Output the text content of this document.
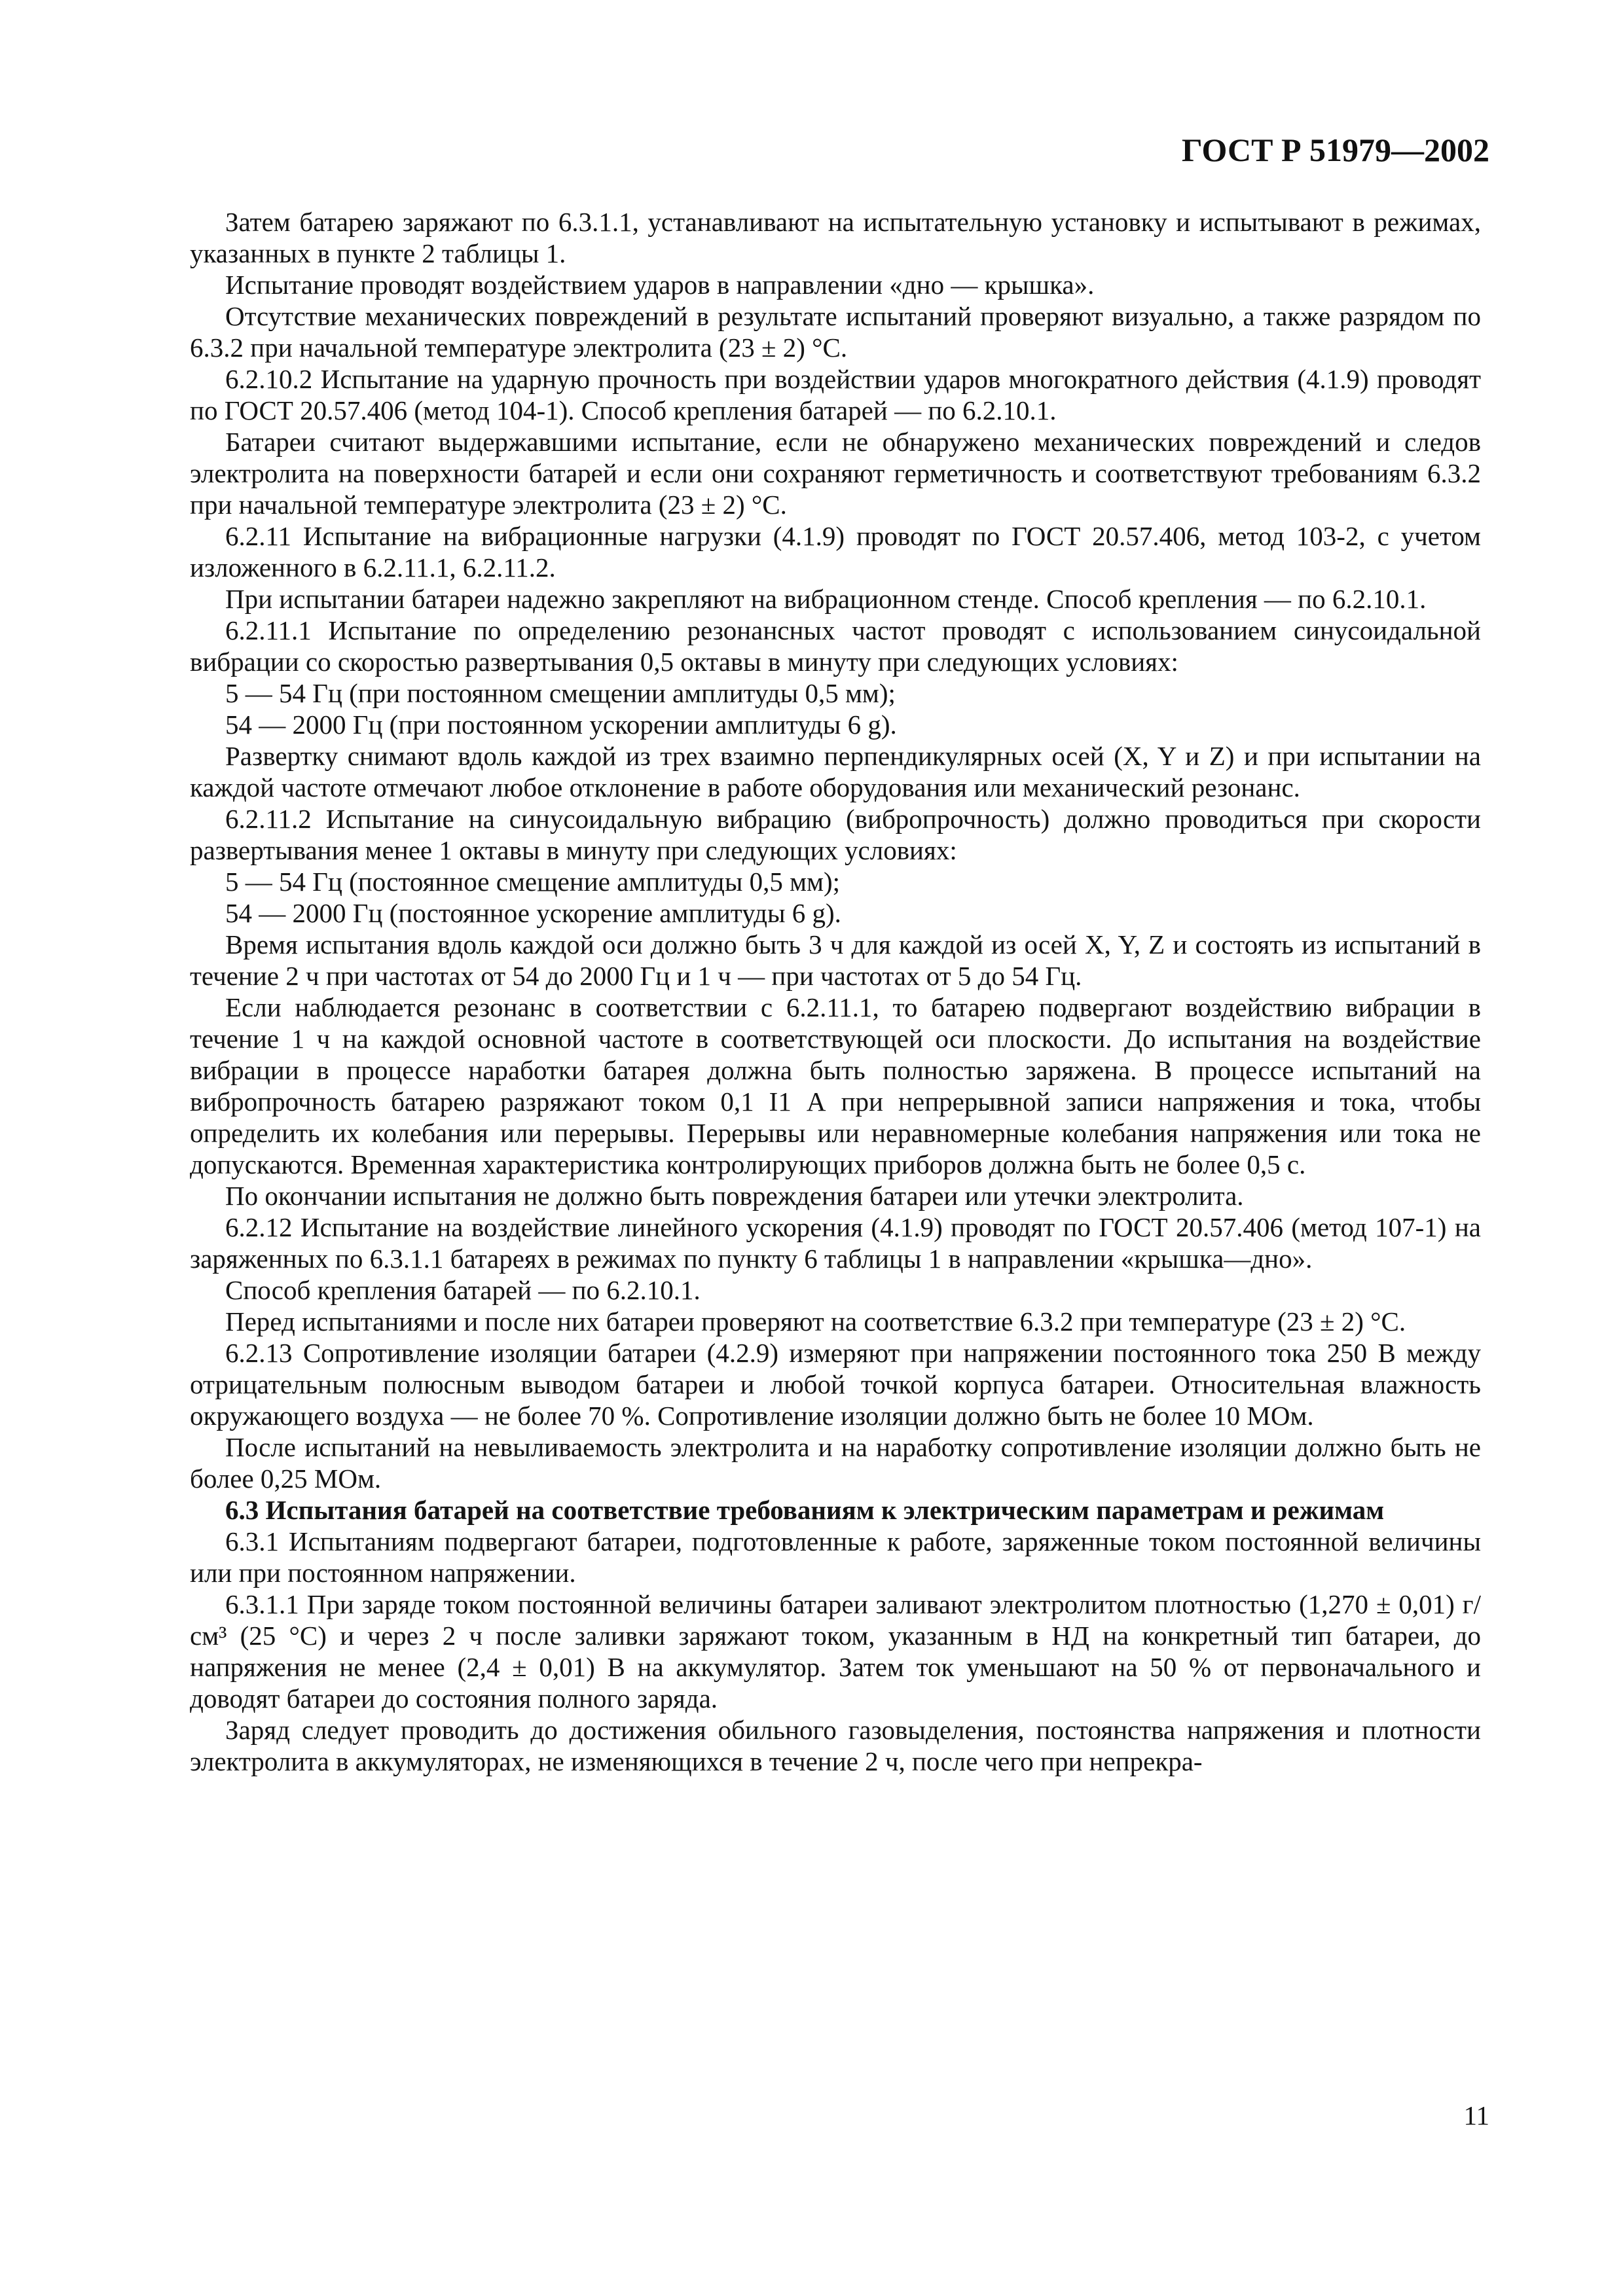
ГОСТ Р 51979—2002

Затем батарею заряжают по 6.3.1.1, устанавливают на испытательную установку и испытывают в режимах, указанных в пункте 2 таблицы 1.

Испытание проводят воздействием ударов в направлении «дно — крышка».

Отсутствие механических повреждений в результате испытаний проверяют визуально, а также разрядом по 6.3.2 при начальной температуре электролита (23 ± 2) °С.

6.2.10.2 Испытание на ударную прочность при воздействии ударов многократного действия (4.1.9) проводят по ГОСТ 20.57.406 (метод 104-1). Способ крепления батарей — по 6.2.10.1.

Батареи считают выдержавшими испытание, если не обнаружено механических повреждений и следов электролита на поверхности батарей и если они сохраняют герметичность и соответствуют требованиям 6.3.2 при начальной температуре электролита (23 ± 2) °С.

6.2.11 Испытание на вибрационные нагрузки (4.1.9) проводят по ГОСТ 20.57.406, метод 103-2, с учетом изложенного в 6.2.11.1, 6.2.11.2.

При испытании батареи надежно закрепляют на вибрационном стенде. Способ крепления — по 6.2.10.1.

6.2.11.1 Испытание по определению резонансных частот проводят с использованием синусоидальной вибрации со скоростью развертывания 0,5 октавы в минуту при следующих условиях:

5 — 54 Гц (при постоянном смещении амплитуды 0,5 мм);

54 — 2000 Гц (при постоянном ускорении амплитуды 6 g).

Развертку снимают вдоль каждой из трех взаимно перпендикулярных осей (X, Y и Z) и при испытании на каждой частоте отмечают любое отклонение в работе оборудования или механический резонанс.

6.2.11.2 Испытание на синусоидальную вибрацию (вибропрочность) должно проводиться при скорости развертывания менее 1 октавы в минуту при следующих условиях:

5 — 54 Гц (постоянное смещение амплитуды 0,5 мм);

54 — 2000 Гц (постоянное ускорение амплитуды 6 g).

Время испытания вдоль каждой оси должно быть 3 ч для каждой из осей X, Y, Z и состоять из испытаний в течение 2 ч при частотах от 54 до 2000 Гц и 1 ч — при частотах от 5 до 54 Гц.

Если наблюдается резонанс в соответствии с 6.2.11.1, то батарею подвергают воздействию вибрации в течение 1 ч на каждой основной частоте в соответствующей оси плоскости. До испытания на воздействие вибрации в процессе наработки батарея должна быть полностью заряжена. В процессе испытаний на вибропрочность батарею разряжают током 0,1 I1 А при непрерывной записи напряжения и тока, чтобы определить их колебания или перерывы. Перерывы или неравномерные колебания напряжения или тока не допускаются. Временная характеристика контролирующих приборов должна быть не более 0,5 с.

По окончании испытания не должно быть повреждения батареи или утечки электролита.

6.2.12 Испытание на воздействие линейного ускорения (4.1.9) проводят по ГОСТ 20.57.406 (метод 107-1) на заряженных по 6.3.1.1 батареях в режимах по пункту 6 таблицы 1 в направлении «крышка—дно».

Способ крепления батарей — по 6.2.10.1.

Перед испытаниями и после них батареи проверяют на соответствие 6.3.2 при температуре (23 ± 2) °С.

6.2.13 Сопротивление изоляции батареи (4.2.9) измеряют при напряжении постоянного тока 250 В между отрицательным полюсным выводом батареи и любой точкой корпуса батареи. Относительная влажность окружающего воздуха — не более 70 %. Сопротивление изоляции должно быть не более 10 МОм.

После испытаний на невыливаемость электролита и на наработку сопротивление изоляции должно быть не более 0,25 МОм.

6.3 Испытания батарей на соответствие требованиям к электрическим параметрам и режимам

6.3.1 Испытаниям подвергают батареи, подготовленные к работе, заряженные током постоянной величины или при постоянном напряжении.

6.3.1.1 При заряде током постоянной величины батареи заливают электролитом плотностью (1,270 ± 0,01) г/см³ (25 °С) и через 2 ч после заливки заряжают током, указанным в НД на конкретный тип батареи, до напряжения не менее (2,4 ± 0,01) В на аккумулятор. Затем ток уменьшают на 50 % от первоначального и доводят батареи до состояния полного заряда.

Заряд следует проводить до достижения обильного газовыделения, постоянства напряжения и плотности электролита в аккумуляторах, не изменяющихся в течение 2 ч, после чего при непрекра-

11
